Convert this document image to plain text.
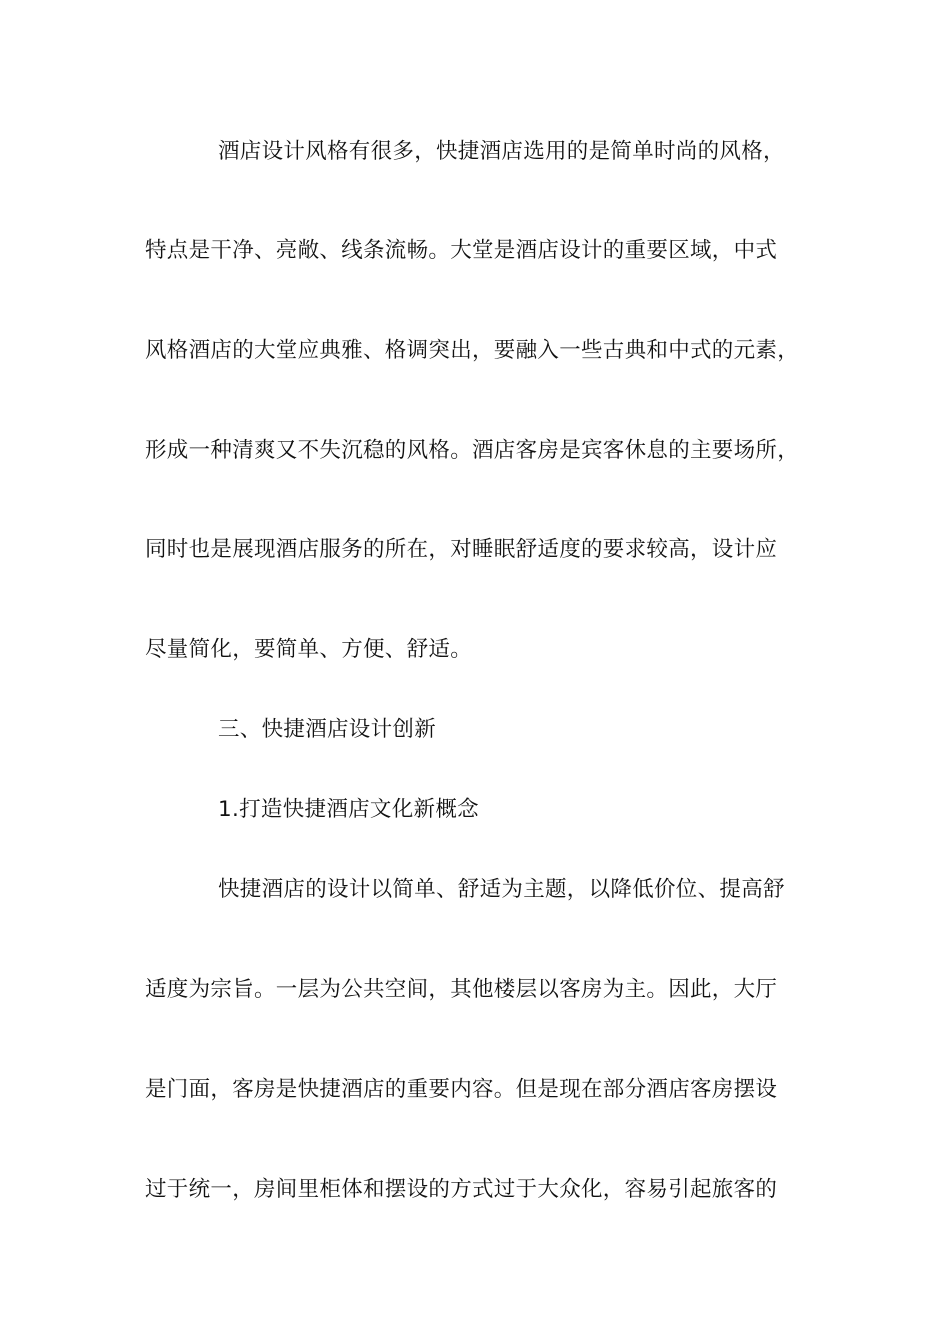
酒店设计风格有很多，快捷酒店选用的是简单时尚的风格，
特点是干净、亮敞、线条流畅。大堂是酒店设计的重要区域，中式
风格酒店的大堂应典雅、格调突出，要融入一些古典和中式的元素，
形成一种清爽又不失沉稳的风格。酒店客房是宾客休息的主要场所，
同时也是展现酒店服务的所在，对睡眠舒适度的要求较高，设计应
尽量简化，要简单、方便、舒适。
三、快捷酒店设计创新
1.打造快捷酒店文化新概念
快捷酒店的设计以简单、舒适为主题，以降低价位、提高舒
适度为宗旨。一层为公共空间，其他楼层以客房为主。因此，大厅
是门面，客房是快捷酒店的重要内容。但是现在部分酒店客房摆设
过于统一，房间里柜体和摆设的方式过于大众化，容易引起旅客的
